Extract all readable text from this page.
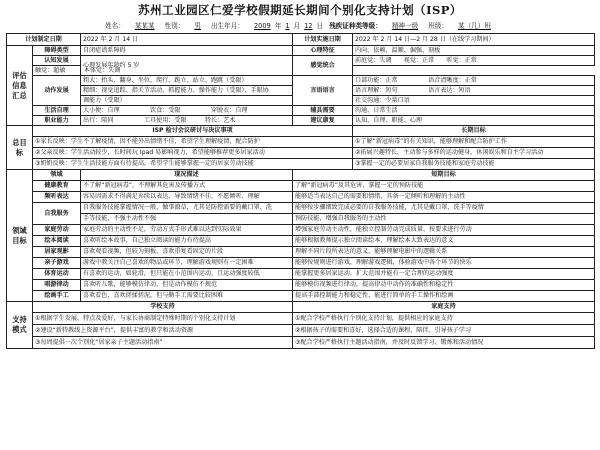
苏州工业园区仁爱学校假期延长期间个别化支持计划（ISP）
姓名：	某某某	性别：	男	出生年月：	2009 年 1 月 12 日 残疾证种类等级：	精神一级	班级：	某（几）班
计划制定日期		2022 年 2 月 14 日	计划实施日期	2022 年 2 月 14 日—2 月 28 日（在线学习期间）
评估信息汇总	障碍类型	自闭症谱系障碍	心理特征	内向、依赖、温顺、倔强、刻板
	认知发展	心理发展年龄约 5 岁	感觉统合	前庭觉：失调　　视觉：正常　　听觉：正常
	触觉：超敏　　　本体觉：失调			
	动作发展	粗大：抬头、翻身、坐位、爬行、跪立、站立、跑跳（受限）	言语语言	口部功能：正常　　　　　语音清晰度：正常
		精细：视觉追踪、指关节活动、抓握能力、操作能力（受限）、手眼协		语言理解：短句　　　　　语言表达：短语
		调能力（受限）		社交沟通：少量口语
	生活自理	大小便：自理　　　　　饮食：受限　　　　　穿脱衣：自理	辅具需要	沟通、日常生活
	职业能力	出行：陪同　　　　　工具使用：受限　　　特长：艺术	建议康复	认知、自理、职能、心理
总目标	ISP 检讨会议研讨与决议事项			长期目标
	①家长反映：学生不了解疫情，因不能外出情绪不佳，希望学生理解疫情，配合防护			①了解“新冠病毒”的有关知识，能够理解和配合防护工作
	②父亲反映：学生活动较少，长时间玩 Ipad 易影响视力，希望能够推荐更多居家活动			②拓展兴趣特长，主动参与多样的运动健身、休闲娱乐和自主学习活动
	③奶奶反映：学生生活技能方面有待提高，希望学生能够掌握一定的居家劳动技能			③掌握一定的必要居家自我服务技能和家庭劳动技能
领域目标	领域	现况描述	短期目标	
	健康教育	不了解“新冠病毒”，不理解其危害及传播方式	了解“新冠病毒”及其危害，掌握一定的预防技能	
	频听表达	容易因需求不得满足弃续以表达，导致情绪不佳，不愿倾听、理解	能够适当表达自己的需要和情绪，具备一定倾听和理解的主动性	
	自我服务	自我服务技能掌握情况一般，做事潦草，尤其是防控需要的戴口罩、洗	能够按步骤细致完成必要的自我服务技能，尤其是戴口罩、洗手等疫情	
		手等技能，不强主动性不强	预防技能，增强自我服务的主动性	
	家庭劳动	家庭劳动的主动性不足，劳动方式手形式难以达到实际效果	增强家庭劳动主动性，能独立控制劳动完成质量，按要求进行劳动	
	绘本阅读	喜欢听绘本故事，自己独立阅读的能力有待提高	能够根据教师提示独立阅读绘本，理解绘本大致表达的意义	
	居家观影	喜欢观看视频，但较为刻板，喜欢重复看固定的片段	理解不同片段所表达的意义，能够理解电影中的逻辑关系	
	亲子游戏	游戏中教关注自己喜欢的物品或环节，理解游戏规则有一定困难	能够按规则进行游戏，理解游戏逻辑，体验游戏中各个环节的快乐	
	体育运动	有喜欢的运动，如轮滑，但只能在小范围内运动，且运动强度较低	能掌握更多居家运动，扩大范围并能有一定合理的运动强度	
	唱游律动	喜欢听儿歌，能够模仿律动，但是动作模仿不规范	能够模仿视频进行律动，提高律动中动作的准确性和稳定性	
	绘画手工	喜欢看色，喜欢搓揉搓泥，但与勤手工需要比较困难	提高手部控制能力和稳定性，能进行简单的手工操作和绘画	
支持模式	学校支持		家庭支持	
	①根据学生发展、特点及爱好，与家长协商制定特殊时期的个别化支持计划		①配合学校严格执行个别化支持计划，提供相应的家庭支持	
	②建设“新特教线上资源平台”，提供丰富的教学和活动资源		②根据孩子的需要和喜好，选择合适的课程，陪伴、引导孩子学习	
	③每周提供一次个别化“居家亲子主题活动指南”		③配合学校严格执行主题活动指南，并及时反馈学习、锻炼和活动情况	
